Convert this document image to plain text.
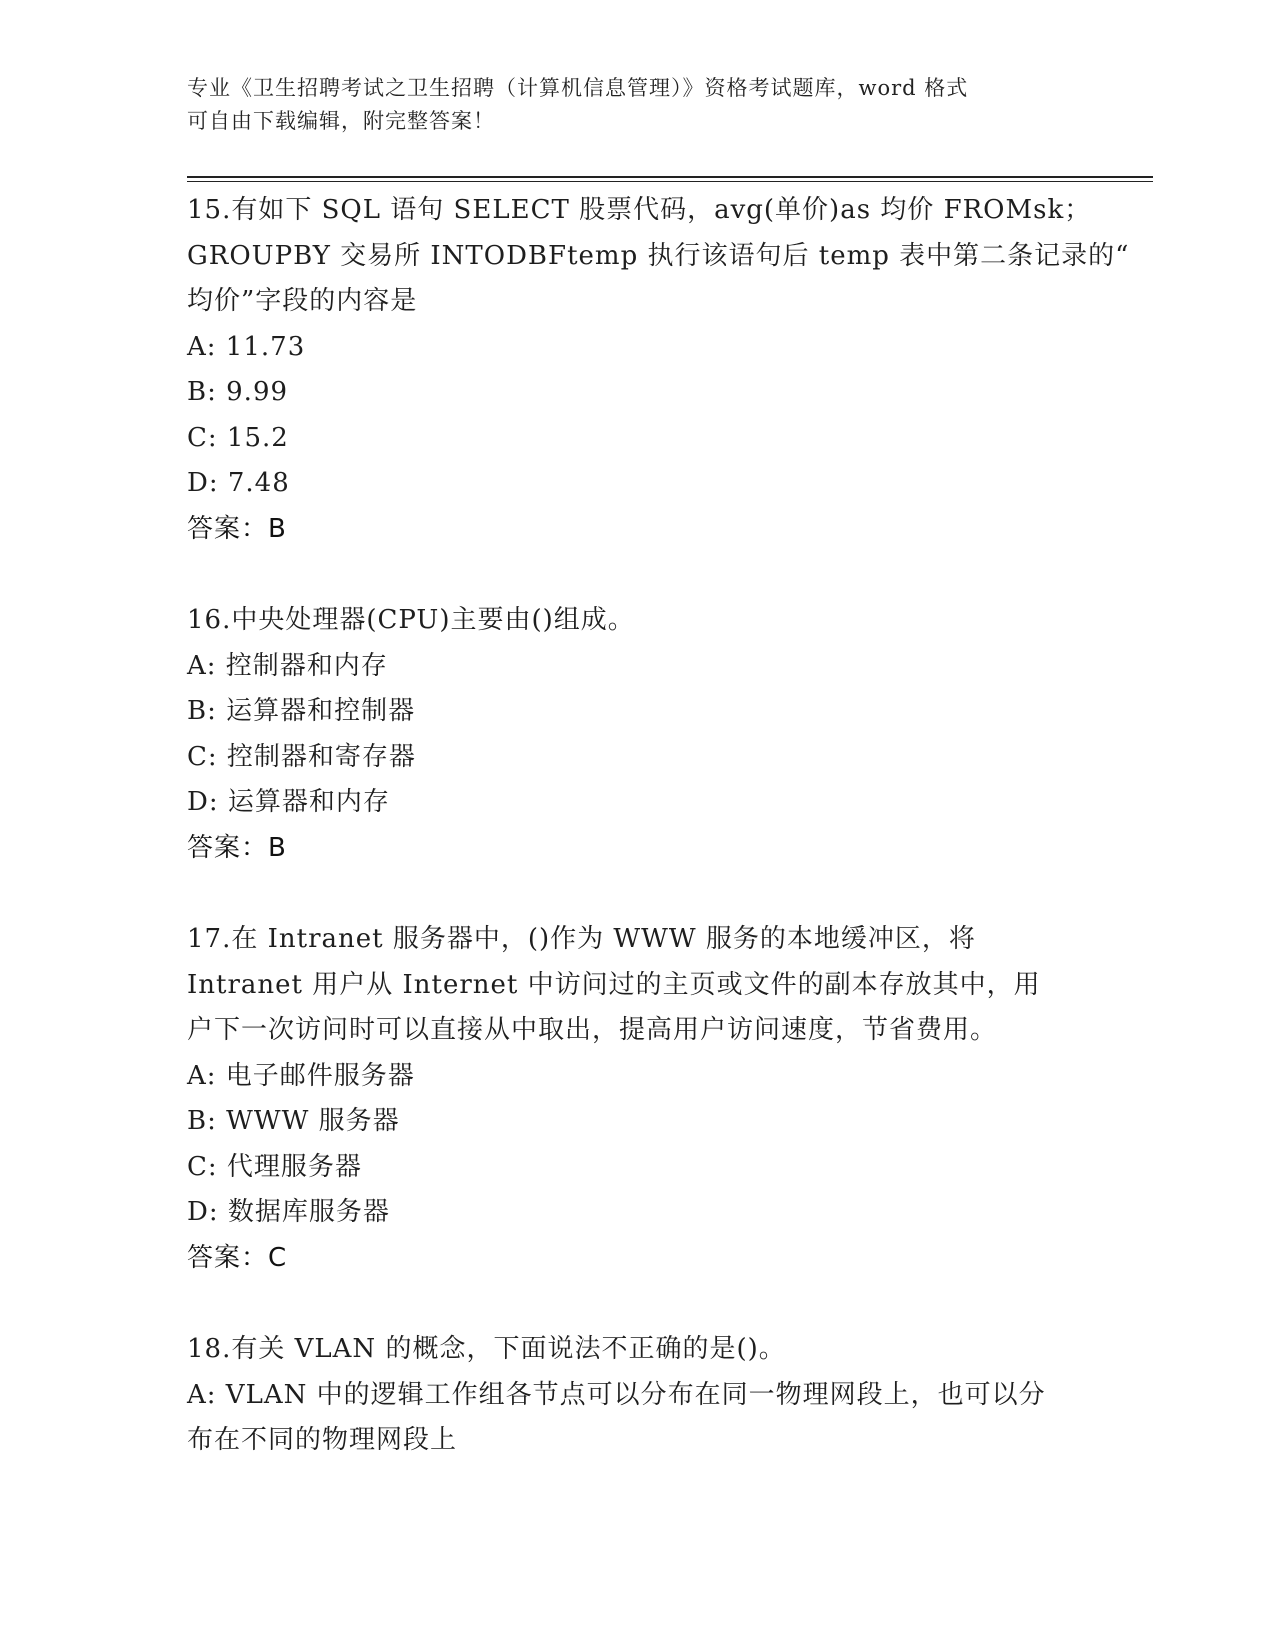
专业《卫生招聘考试之卫生招聘（计算机信息管理）》资格考试题库，word 格式
可自由下载编辑，附完整答案！
15.有如下 SQL 语句 SELECT 股票代码，avg(单价)as 均价 FROMsk；
GROUPBY 交易所 INTODBFtemp 执行该语句后 temp 表中第二条记录的“
均价”字段的内容是
A: 11.73
B: 9.99
C: 15.2
D: 7.48
答案：B
16.中央处理器(CPU)主要由()组成。
A: 控制器和内存
B: 运算器和控制器
C: 控制器和寄存器
D: 运算器和内存
答案：B
17.在 Intranet 服务器中，()作为 WWW 服务的本地缓冲区，将
Intranet 用户从 Internet 中访问过的主页或文件的副本存放其中，用
户下一次访问时可以直接从中取出，提高用户访问速度，节省费用。
A: 电子邮件服务器
B: WWW 服务器
C: 代理服务器
D: 数据库服务器
答案：C
18.有关 VLAN 的概念，下面说法不正确的是()。
A: VLAN 中的逻辑工作组各节点可以分布在同一物理网段上，也可以分
布在不同的物理网段上
